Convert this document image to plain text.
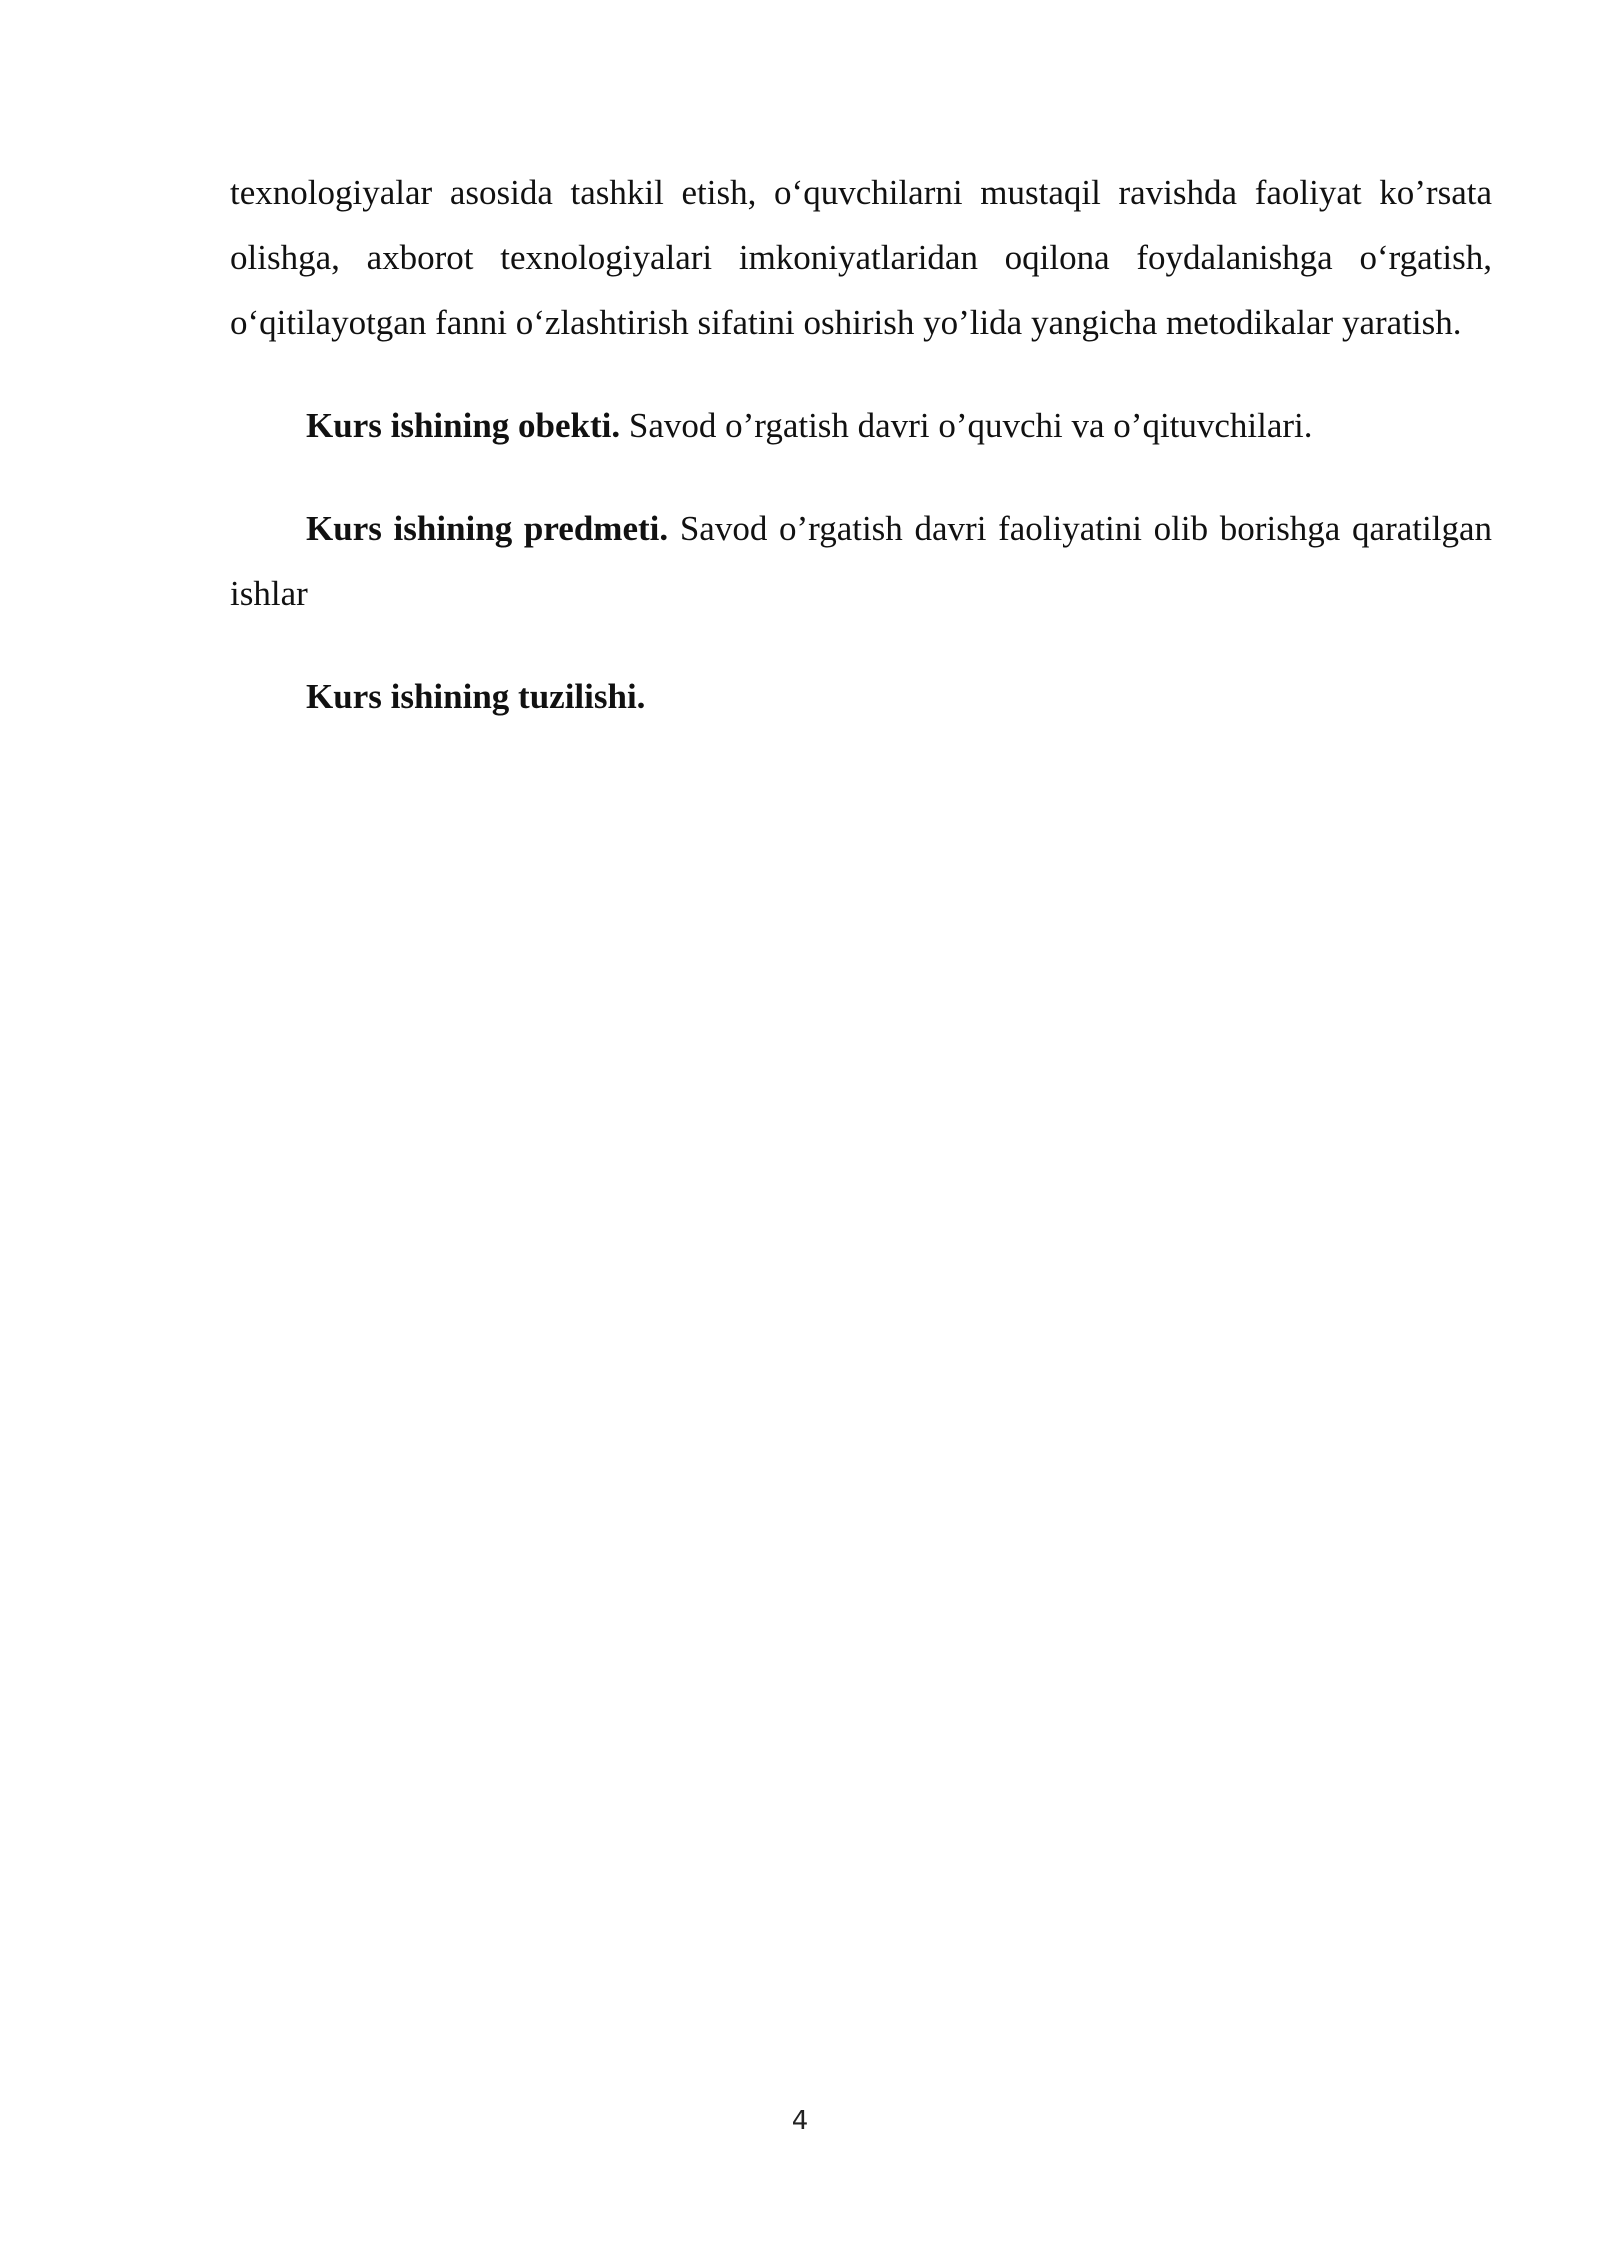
texnologiyalar asosida tashkil etish, o‘quvchilarni mustaqil ravishda faoliyat ko’rsata olishga, axborot texnologiyalari imkoniyatlaridan oqilona foydalanishga o‘rgatish, o‘qitilayotgan fanni o‘zlashtirish sifatini oshirish yo’lida yangicha metodikalar yaratish.

Kurs ishining obekti. Savod o’rgatish davri o’quvchi va o’qituvchilari.

Kurs ishining predmeti. Savod o’rgatish davri faoliyatini olib borishga qaratilgan ishlar

Kurs ishining tuzilishi.

4
